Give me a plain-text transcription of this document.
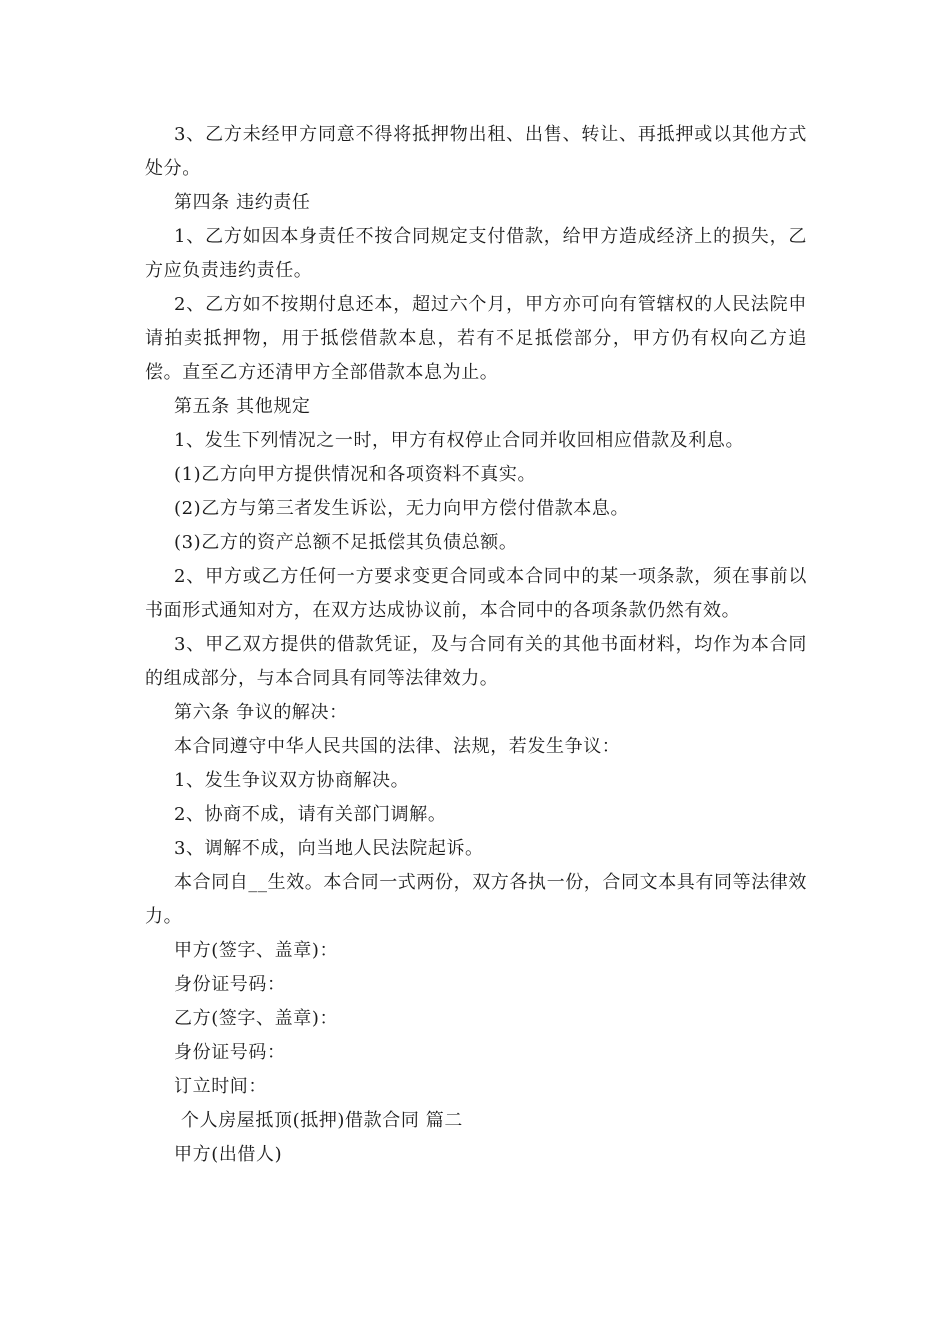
3、乙方未经甲方同意不得将抵押物出租、出售、转让、再抵押或以其他方式处分。

第四条 违约责任

1、乙方如因本身责任不按合同规定支付借款，给甲方造成经济上的损失，乙方应负责违约责任。

2、乙方如不按期付息还本，超过六个月，甲方亦可向有管辖权的人民法院申请拍卖抵押物，用于抵偿借款本息，若有不足抵偿部分，甲方仍有权向乙方追偿。直至乙方还清甲方全部借款本息为止。

第五条 其他规定

1、发生下列情况之一时，甲方有权停止合同并收回相应借款及利息。

(1)乙方向甲方提供情况和各项资料不真实。

(2)乙方与第三者发生诉讼，无力向甲方偿付借款本息。

(3)乙方的资产总额不足抵偿其负债总额。

2、甲方或乙方任何一方要求变更合同或本合同中的某一项条款，须在事前以书面形式通知对方，在双方达成协议前，本合同中的各项条款仍然有效。

3、甲乙双方提供的借款凭证，及与合同有关的其他书面材料，均作为本合同的组成部分，与本合同具有同等法律效力。

第六条 争议的解决：

本合同遵守中华人民共国的法律、法规，若发生争议：

1、发生争议双方协商解决。

2、协商不成，请有关部门调解。

3、调解不成，向当地人民法院起诉。

本合同自__生效。本合同一式两份，双方各执一份，合同文本具有同等法律效力。

甲方(签字、盖章)：

身份证号码：

乙方(签字、盖章)：

身份证号码：

订立时间：

个人房屋抵顶(抵押)借款合同 篇二

甲方(出借人)
